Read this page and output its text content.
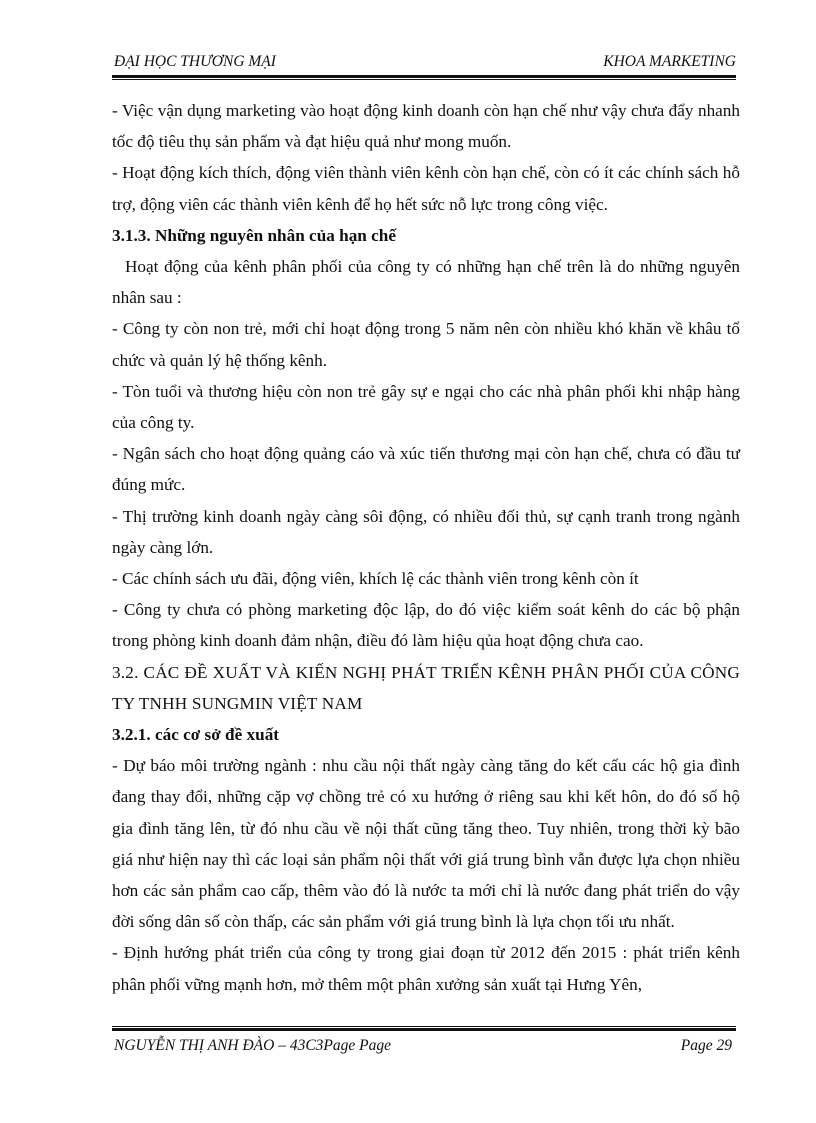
ĐẠI HỌC THƯƠNG MẠI	KHOA MARKETING

- Việc vận dụng marketing vào hoạt động kinh doanh còn hạn chế như vậy chưa đẩy nhanh tốc độ tiêu thụ sản phẩm và đạt hiệu quả như mong muốn.

- Hoạt động kích thích, động viên thành viên kênh còn hạn chế, còn có ít các chính sách hỗ trợ, động viên các thành viên kênh để họ hết sức nỗ lực trong công việc.

3.1.3. Những nguyên nhân của hạn chế

Hoạt động của kênh phân phối của công ty có những hạn chế trên là do những nguyên nhân sau :

- Công ty còn non trẻ, mới chỉ hoạt động trong 5 năm nên còn nhiều khó khăn về khâu tổ chức và quản lý hệ thống kênh.

- Tòn tuổi và thương hiệu còn non trẻ gây sự e ngại cho các nhà phân phối khi nhập hàng của công ty.

- Ngân sách cho hoạt động quảng cáo và xúc tiến thương mại còn hạn chế, chưa có đầu tư đúng mức.

- Thị trường kinh doanh ngày càng sôi động, có nhiều đối thủ, sự cạnh tranh trong ngành ngày càng lớn.

- Các chính sách ưu đãi, động viên, khích lệ các thành viên trong kênh còn ít

- Công ty chưa có phòng marketing độc lập, do đó việc kiểm soát kênh do các bộ phận trong phòng kinh doanh đảm nhận, điều đó làm hiệu qủa hoạt động chưa cao.

3.2. CÁC ĐỀ XUẤT VÀ KIẾN NGHỊ PHÁT TRIỂN KÊNH PHÂN PHỐI CỦA CÔNG TY TNHH SUNGMIN VIỆT NAM

3.2.1. các cơ sở đề xuất

- Dự báo môi trường ngành : nhu cầu nội thất ngày càng tăng do kết cấu các hộ gia đình đang thay đổi, những cặp vợ chồng trẻ có xu hướng ở riêng sau khi kết hôn, do đó số hộ gia đình tăng lên, từ đó nhu cầu về nội thất cũng tăng theo. Tuy nhiên, trong thời kỳ bão giá như hiện nay thì các loại sản phẩm nội thất với giá trung bình vẫn được lựa chọn nhiều hơn các sản phẩm cao cấp, thêm vào đó là nước ta mới chỉ là nước đang phát triển do vậy đời sống dân số còn thấp, các sản phẩm với giá trung bình là lựa chọn tối ưu nhất.

- Định hướng phát triển của công ty trong giai đoạn từ 2012 đến 2015 : phát triển kênh phân phối vững mạnh hơn, mở thêm một phân xưởng sản xuất tại Hưng Yên,

NGUYỄN THỊ ANH ĐÀO – 43C3Page Page	Page 29
